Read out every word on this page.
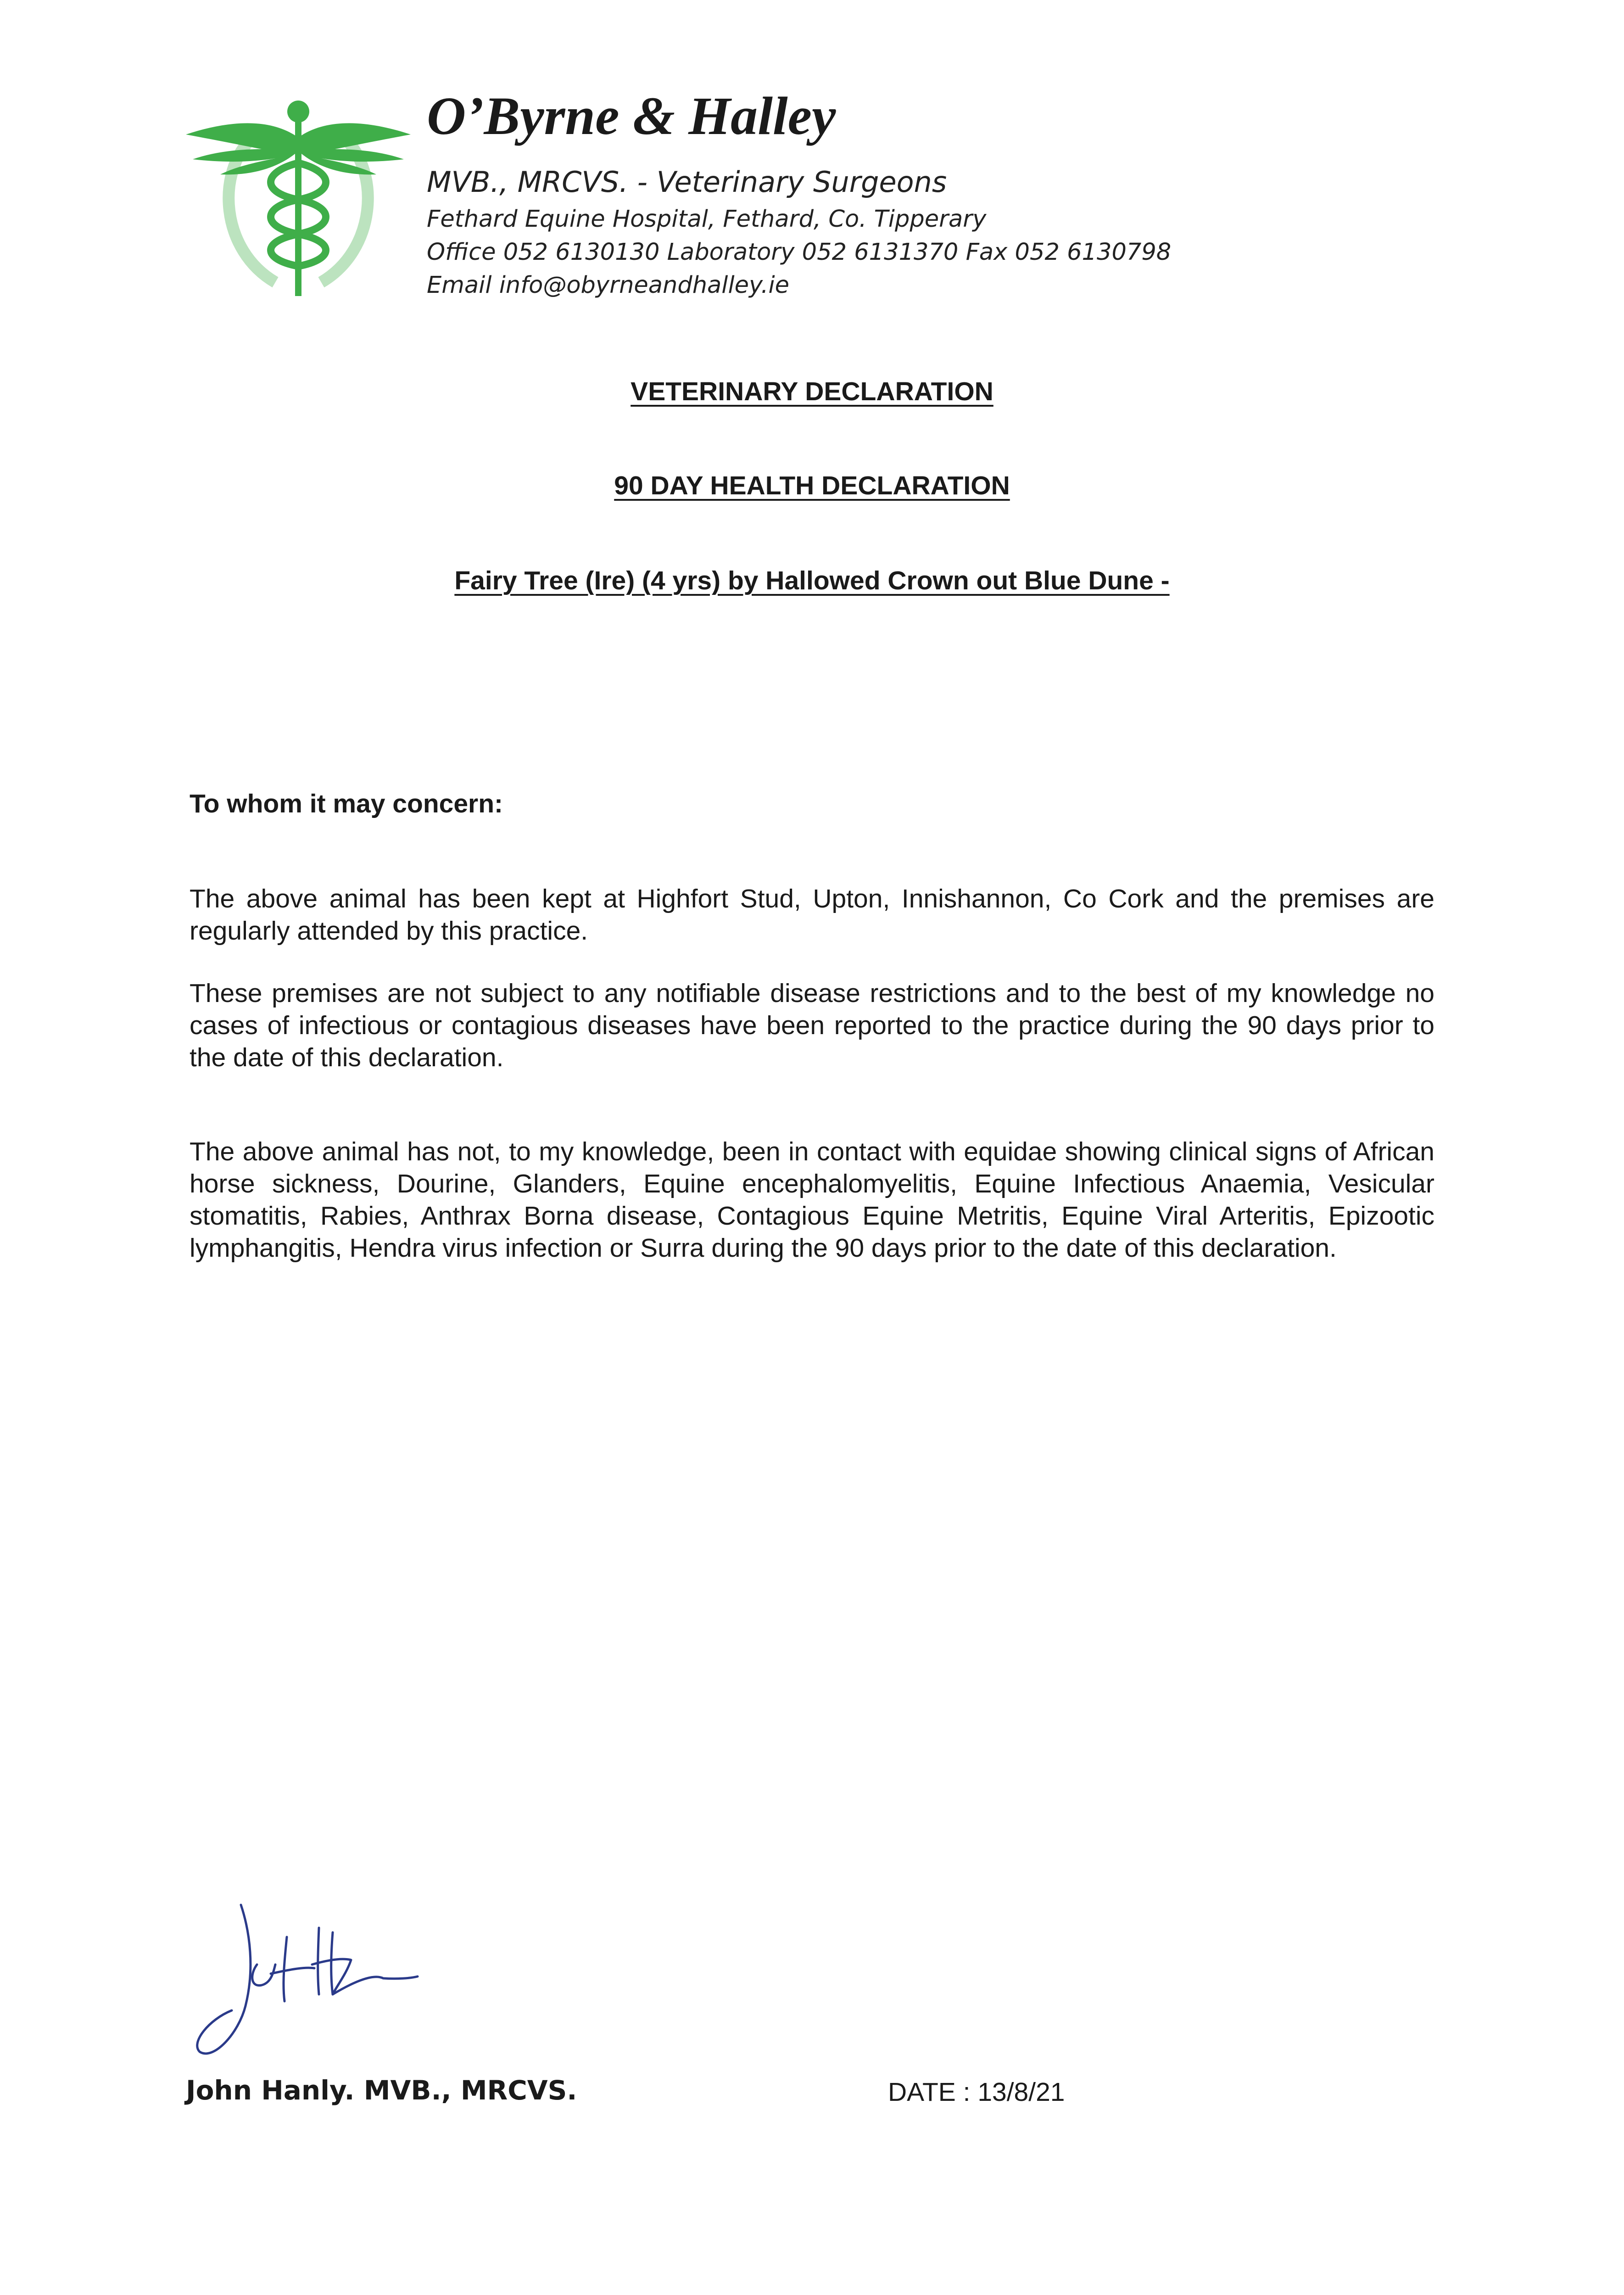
O’Byrne & Halley
MVB., MRCVS. - Veterinary Surgeons
Fethard Equine Hospital, Fethard, Co. Tipperary
Office 052 6130130 Laboratory 052 6131370 Fax 052 6130798
Email info@obyrneandhalley.ie
VETERINARY DECLARATION
90 DAY HEALTH DECLARATION
Fairy Tree (Ire) (4 yrs) by Hallowed Crown out Blue Dune -
To whom it may concern:

The above animal has been kept at Highfort Stud, Upton, Innishannon, Co Cork and the premises are regularly attended by this practice.

These premises are not subject to any notifiable disease restrictions and to the best of my knowledge no cases of infectious or contagious diseases have been reported to the practice during the 90 days prior to the date of this declaration.

The above animal has not, to my knowledge, been in contact with equidae showing clinical signs of African horse sickness, Dourine, Glanders, Equine encephalomyelitis, Equine Infectious Anaemia, Vesicular stomatitis, Rabies, Anthrax Borna disease, Contagious Equine Metritis, Equine Viral Arteritis, Epizootic lymphangitis, Hendra virus infection or Surra during the 90 days prior to the date of this declaration.

John Hanly. MVB., MRCVS.	DATE : 13/8/21
